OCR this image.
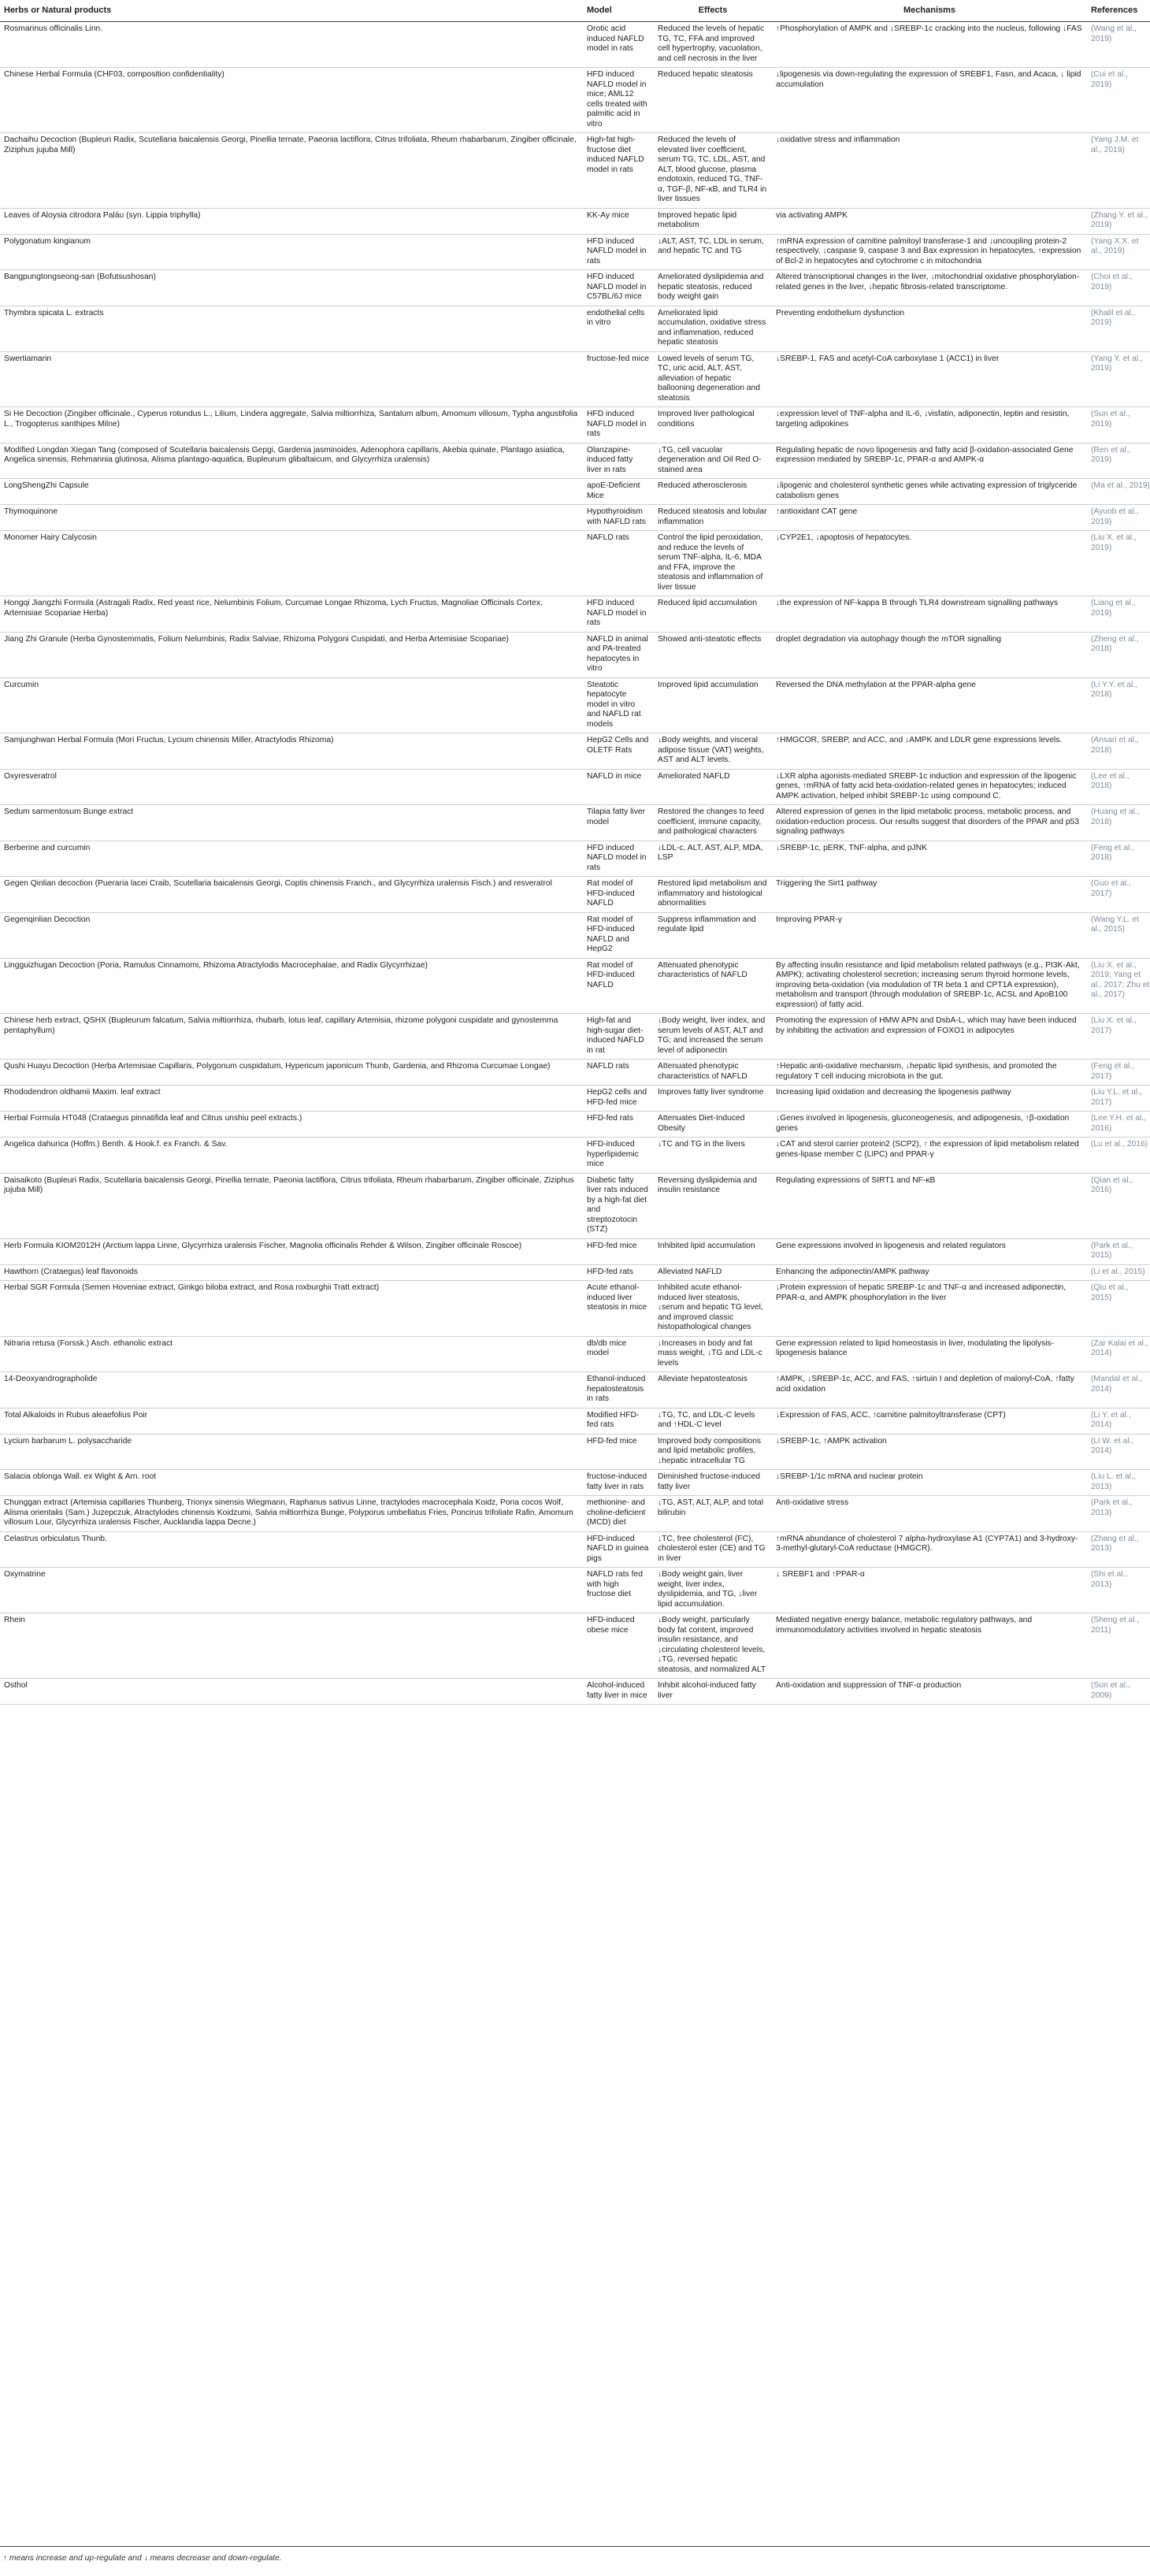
Herbs or Natural products	Model	Effects	Mechanisms	References
Rosmarinus officinalis Linn.	Orotic acid induced NAFLD model in rats	Reduced the levels of hepatic TG, TC, FFA and improved cell hypertrophy, vacuolation, and cell necrosis in the liver	↑Phosphorylation of AMPK and ↓SREBP-1c cracking into the nucleus, following ↓FAS	(Wang et al., 2019)
Chinese Herbal Formula (CHF03, composition confidentiality)	HFD induced NAFLD model in mice; AML12 cells treated with palmitic acid in vitro	Reduced hepatic steatosis	↓lipogenesis via down-regulating the expression of SREBF1, Fasn, and Acaca, ↓ lipid accumulation	(Cui et al., 2019)
Dachaihu Decoction (Bupleuri Radix, Scutellaria baicalensis Georgi, Pinellia ternate, Paeonia lactiflora, Citrus trifoliata, Rheum rhabarbarum, Zingiber officinale, Ziziphus jujuba Mill)	High-fat high-fructose diet induced NAFLD model in rats	Reduced the levels of elevated liver coefficient, serum TG, TC, LDL, AST, and ALT, blood glucose, plasma endotoxin, reduced TG, TNF-α, TGF-β, NF-κB, and TLR4 in liver tissues	↓oxidative stress and inflammation	(Yang J.M. et al., 2019)
Leaves of Aloysia citrodora Paláu (syn. Lippia triphylla)	KK-Ay mice	Improved hepatic lipid metabolism	via activating AMPK	(Zhang Y. et al., 2019)
Polygonatum kingianum	HFD induced NAFLD model in rats	↓ALT, AST, TC, LDL in serum, and hepatic TC and TG	↑mRNA expression of carnitine palmitoyl transferase-1 and ↓uncoupling protein-2 respectively, ↓caspase 9, caspase 3 and Bax expression in hepatocytes, ↑expression of Bcl-2 in hepatocytes and cytochrome c in mitochondria	(Yang X.X. et al., 2019)
Bangpungtongseong-san (Bofutsushosan)	HFD induced NAFLD model in C57BL/6J mice	Ameliorated dyslipidemia and hepatic steatosis, reduced body weight gain	Altered transcriptional changes in the liver, ↓mitochondrial oxidative phosphorylation-related genes in the liver, ↓hepatic fibrosis-related transcriptome.	(Choi et al., 2019)
Thymbra spicata L. extracts	endothelial cells in vitro	Ameliorated lipid accumulation, oxidative stress and inflammation, reduced hepatic steatosis	Preventing endothelium dysfunction	(Khalil et al., 2019)
Swertiamarin	fructose-fed mice	Lowed levels of serum TG, TC, uric acid, ALT, AST, alleviation of hepatic ballooning degeneration and steatosis	↓SREBP-1, FAS and acetyl-CoA carboxylase 1 (ACC1) in liver	(Yang Y. et al., 2019)
Si He Decoction (Zingiber officinale., Cyperus rotundus L., Lilium, Lindera aggregate, Salvia miltiorrhiza, Santalum album, Amomum villosum, Typha angustifolia L., Trogopterus xanthipes Milne)	HFD induced NAFLD model in rats	Improved liver pathological conditions	↓expression level of TNF-alpha and IL-6, ↓visfatin, adiponectin, leptin and resistin, targeting adipokines	(Sun et al., 2019)
Modified Longdan Xiegan Tang (composed of Scutellaria baicalensis Gepgi, Gardenia jasminoides, Adenophora capillaris, Akebia quinate, Plantago asiatica, Angelica sinensis, Rehmannia glutinosa, Alisma plantago-aquatica, Bupleurum glibaltaicum, and Glycyrrhiza uralensis)	Olanzapine-induced fatty liver in rats	↓TG, cell vacuolar degeneration and Oil Red O-stained area	Regulating hepatic de novo lipogenesis and fatty acid β-oxidation-associated Gene expression mediated by SREBP-1c, PPAR-α and AMPK-α	(Ren et al., 2019)
LongShengZhi Capsule	apoE-Deficient Mice	Reduced atherosclerosis	↓lipogenic and cholesterol synthetic genes while activating expression of triglyceride catabolism genes	(Ma et al., 2019)
Thymoquinone	Hypothyroidism with NAFLD rats	Reduced steatosis and lobular inflammation	↑antioxidant CAT gene	(Ayuob et al., 2019)
Monomer Hairy Calycosin	NAFLD rats	Control the lipid peroxidation, and reduce the levels of serum TNF-alpha, IL-6, MDA and FFA, improve the steatosis and inflammation of liver tissue	↓CYP2E1, ↓apoptosis of hepatocytes.	(Liu X. et al., 2019)
Hongqi Jiangzhi Formula (Astragali Radix, Red yeast rice, Nelumbinis Folium, Curcumae Longae Rhizoma, Lych Fructus, Magnoliae Officinals Cortex, Artemisiae Scopariae Herba)	HFD induced NAFLD model in rats	Reduced lipid accumulation	↓the expression of NF-kappa B through TLR4 downstream signalling pathways	(Liang et al., 2019)
Jiang Zhi Granule (Herba Gynostemmatis, Folium Nelumbinis, Radix Salviae, Rhizoma Polygoni Cuspidati, and Herba Artemisiae Scopariae)	NAFLD in animal and PA-treated hepatocytes in vitro	Showed anti-steatotic effects	droplet degradation via autophagy though the mTOR signalling	(Zheng et al., 2018)
Curcumin	Steatotic hepatocyte model in vitro and NAFLD rat models	Improved lipid accumulation	Reversed the DNA methylation at the PPAR-alpha gene	(Li Y.Y. et al., 2018)
Samjunghwan Herbal Formula (Mori Fructus, Lycium chinensis Miller, Atractylodis Rhizoma)	HepG2 Cells and OLETF Rats	↓Body weights, and visceral adipose tissue (VAT) weights, AST and ALT levels.	↑HMGCOR, SREBP, and ACC, and ↓AMPK and LDLR gene expressions levels.	(Ansari et al., 2018)
Oxyresveratrol	NAFLD in mice	Ameliorated NAFLD	↓LXR alpha agonists-mediated SREBP-1c induction and expression of the lipogenic genes, ↑mRNA of fatty acid beta-oxidation-related genes in hepatocytes; induced AMPK activation, helped inhibit SREBP-1c using compound C.	(Lee et al., 2018)
Sedum sarmentosum Bunge extract	Tilapia fatty liver model	Restored the changes to feed coefficient, immune capacity, and pathological characters	Altered expression of genes in the lipid metabolic process, metabolic process, and oxidation-reduction process. Our results suggest that disorders of the PPAR and p53 signaling pathways	(Huang et al., 2018)
Berberine and curcumin	HFD induced NAFLD model in rats	↓LDL-c, ALT, AST, ALP, MDA, LSP	↓SREBP-1c, pERK, TNF-alpha, and pJNK	(Feng et al., 2018)
Gegen Qinlian decoction (Pueraria lacei Craib, Scutellaria baicalensis Georgi, Coptis chinensis Franch., and Glycyrrhiza uralensis Fisch.) and resveratrol	Rat model of HFD-induced NAFLD	Restored lipid metabolism and inflammatory and histological abnormalities	Triggering the Sirt1 pathway	(Guo et al., 2017)
Gegenqinlian Decoction	Rat model of HFD-induced NAFLD and HepG2	Suppress inflammation and regulate lipid	Improving PPAR-γ	(Wang Y.L. et al., 2015)
Lingguizhugan Decoction (Poria, Ramulus Cinnamomi, Rhizoma Atractylodis Macrocephalae, and Radix Glycyrrhizae)	Rat model of HFD-induced NAFLD	Attenuated phenotypic characteristics of NAFLD	By affecting insulin resistance and lipid metabolism related pathways (e.g., PI3K-Akt, AMPK); activating cholesterol secretion; increasing serum thyroid hormone levels, improving beta-oxidation (via modulation of TR beta 1 and CPT1A expression), metabolism and transport (through modulation of SREBP-1c, ACSL and ApoB100 expression) of fatty acid.	(Liu X. et al., 2019; Yang et al., 2017; Zhu et al., 2017)
Chinese herb extract, QSHX (Bupleurum falcatum, Salvia miltiorrhiza, rhubarb, lotus leaf, capillary Artemisia, rhizome polygoni cuspidate and gynostemma pentaphyllum)	High-fat and high-sugar diet-induced NAFLD in rat	↓Body weight, liver index, and serum levels of AST, ALT and TG; and increased the serum level of adiponectin	Promoting the expression of HMW APN and DsbA-L, which may have been induced by inhibiting the activation and expression of FOXO1 in adipocytes	(Liu X. et al., 2017)
Qushi Huayu Decoction (Herba Artemisiae Capillaris, Polygonum cuspidatum, Hypericum japonicum Thunb, Gardenia, and Rhizoma Curcumae Longae)	NAFLD rats	Attenuated phenotypic characteristics of NAFLD	↑Hepatic anti-oxidative mechanism, ↓hepatic lipid synthesis, and promoted the regulatory T cell inducing microbiota in the gut.	(Feng et al., 2017)
Rhododendron oldhamii Maxim. leaf extract	HepG2 cells and HFD-fed mice	Improves fatty liver syndrome	Increasing lipid oxidation and decreasing the lipogenesis pathway	(Liu Y.L. et al., 2017)
Herbal Formula HT048 (Crataegus pinnatifida leaf and Citrus unshiu peel extracts.)	HFD-fed rats	Attenuates Diet-Induced Obesity	↓Genes involved in lipogenesis, gluconeogenesis, and adipogenesis, ↑β-oxidation genes	(Lee Y.H. et al., 2016)
Angelica dahurica (Hoffm.) Benth. & Hook.f. ex Franch. & Sav.	HFD-induced hyperlipidemic mice	↓TC and TG in the livers	↓CAT and sterol carrier protein2 (SCP2), ↑ the expression of lipid metabolism related genes-lipase member C (LIPC) and PPAR-γ	(Lu et al., 2016)
Daisaikoto (Bupleuri Radix, Scutellaria baicalensis Georgi, Pinellia ternate, Paeonia lactiflora, Citrus trifoliata, Rheum rhabarbarum, Zingiber officinale, Ziziphus jujuba Mill)	Diabetic fatty liver rats induced by a high-fat diet and streptozotocin (STZ)	Reversing dyslipidemia and insulin resistance	Regulating expressions of SIRT1 and NF-κB	(Qian et al., 2016)
Herb Formula KIOM2012H (Arctium lappa Linne, Glycyrrhiza uralensis Fischer, Magnolia officinalis Rehder & Wilson, Zingiber officinale Roscoe)	HFD-fed mice	Inhibited lipid accumulation	Gene expressions involved in lipogenesis and related regulators	(Park et al., 2015)
Hawthorn (Crataegus) leaf flavonoids	HFD-fed rats	Alleviated NAFLD	Enhancing the adiponectin/AMPK pathway	(Li et al., 2015)
Herbal SGR Formula (Semen Hoveniae extract, Ginkgo biloba extract, and Rosa roxburghii Tratt extract)	Acute ethanol-induced liver steatosis in mice	Inhibited acute ethanol-induced liver steatosis, ↓serum and hepatic TG level, and improved classic histopathological changes	↓Protein expression of hepatic SREBP-1c and TNF-α and increased adiponectin, PPAR-α, and AMPK phosphorylation in the liver	(Qiu et al., 2015)
Nitraria retusa (Forssk.) Asch. ethanolic extract	db/db mice model	↓Increases in body and fat mass weight, ↓TG and LDL-c levels	Gene expression related to lipid homeostasis in liver, modulating the lipolysis-lipogenesis balance	(Zar Kalai et al., 2014)
14-Deoxyandrographolide	Ethanol-induced hepatosteatosis in rats	Alleviate hepatosteatosis	↑AMPK, ↓SREBP-1c, ACC, and FAS, ↑sirtuin I and depletion of malonyl-CoA, ↑fatty acid oxidation	(Mandal et al., 2014)
Total Alkaloids in Rubus aleaefolius Poir	Modified HFD-fed rats	↓TG, TC, and LDL-C levels and ↑HDL-C level	↓Expression of FAS, ACC, ↑carnitine palmitoyltransferase (CPT)	(Li Y. et al., 2014)
Lycium barbarum L. polysaccharide	HFD-fed mice	Improved body compositions and lipid metabolic profiles, ↓hepatic intracellular TG	↓SREBP-1c, ↑AMPK activation	(Li W. et al., 2014)
Salacia oblonga Wall. ex Wight & Arn. root	fructose-induced fatty liver in rats	Diminished fructose-induced fatty liver	↓SREBP-1/1c mRNA and nuclear protein	(Liu L. et al., 2013)
Chunggan extract (Artemisia capillaries Thunberg, Trionyx sinensis Wiegmann, Raphanus sativus Linne, tractylodes macrocephala Koidz, Poria cocos Wolf, Alisma orientalis (Sam.) Juzepczuk, Atractylodes chinensis Koidzumi, Salvia miltiorrhiza Bunge, Polyporus umbellatus Fries, Poncirus trifoliate Rafin, Amomum villosum Lour, Glycyrrhiza uralensis Fischer, Aucklandia lappa Decne.)	methionine- and choline-deficient (MCD) diet	↓TG, AST, ALT, ALP, and total bilirubin	Anti-oxidative stress	(Park et al., 2013)
Celastrus orbiculatus Thunb.	HFD-induced NAFLD in guinea pigs	↓TC, free cholesterol (FC), cholesterol ester (CE) and TG in liver	↑mRNA abundance of cholesterol 7 alpha-hydroxylase A1 (CYP7A1) and 3-hydroxy-3-methyl-glutaryl-CoA reductase (HMGCR).	(Zhang et al., 2013)
Oxymatrine	NAFLD rats fed with high fructose diet	↓Body weight gain, liver weight, liver index, dyslipidemia, and TG, ↓liver lipid accumulation.	↓ SREBF1 and ↑PPAR-α	(Shi et al., 2013)
Rhein	HFD-induced obese mice	↓Body weight, particularly body fat content, improved insulin resistance, and ↓circulating cholesterol levels, ↓TG, reversed hepatic steatosis, and normalized ALT	Mediated negative energy balance, metabolic regulatory pathways, and immunomodulatory activities involved in hepatic steatosis	(Sheng et al., 2011)
Osthol	Alcohol-induced fatty liver in mice	Inhibit alcohol-induced fatty liver	Anti-oxidation and suppression of TNF-α production	(Sun et al., 2009)
↑ means increase and up-regulate and ↓ means decrease and down-regulate.
